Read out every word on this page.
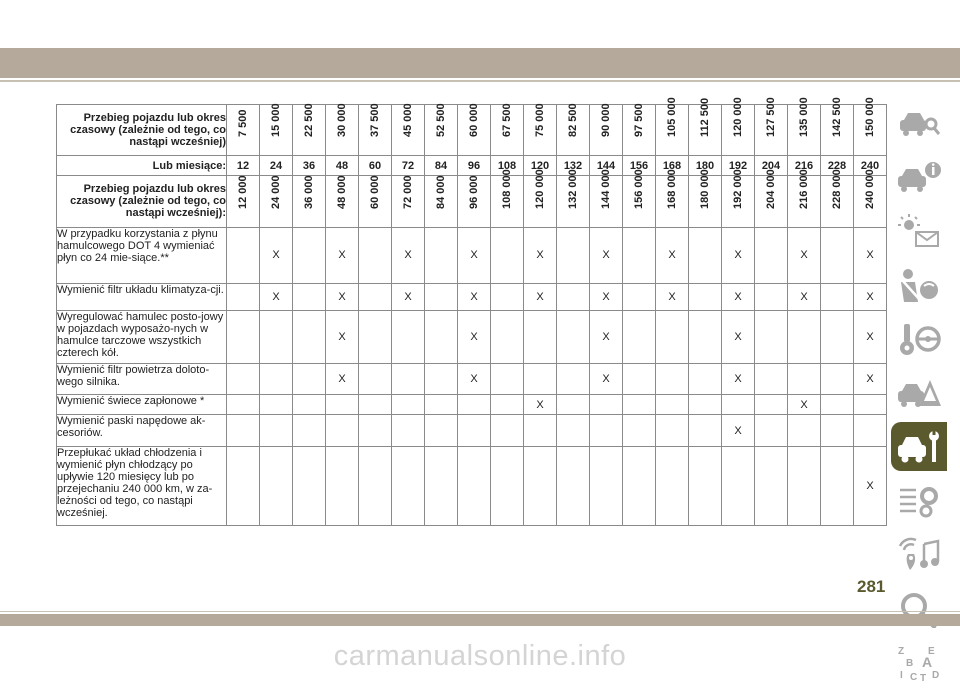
Przebieg pojazdu lub okres czasowy (zależnie od tego, co nastąpi wcześniej)	7 500	15 000	22 500	30 000	37 500	45 000	52 500	60 000	67 500	75 000	82 500	90 000	97 500	105 000	112 500	120 000	127 500	135 000	142 500	150 000

Lub miesiące:	12	24	36	48	60	72	84	96	108	120	132	144	156	168	180	192	204	216	228	240
Przebieg pojazdu lub okres czasowy (zależnie od tego, co nastąpi wcześniej):	12 000	24 000	36 000	48 000	60 000	72 000	84 000	96 000	108 000	120 000	132 000	144 000	156 000	168 000	180 000	192 000	204 000	216 000	228 000	240 000

W przypadku korzystania z płynu hamulcowego DOT 4 wymieniać płyn co 24 mie-siące.**		X		X		X		X		X		X		X		X		X		X
Wymienić filtr układu klimatyza-cji.		X		X		X		X		X		X		X		X		X		X
Wyregulować hamulec posto-jowy w pojazdach wyposażo-nych w hamulce tarczowe wszystkich czterech kół.				X				X				X				X				X
Wymienić filtr powietrza doloto-wego silnika.				X				X				X				X				X
Wymienić świece zapłonowe *										X								X		
Wymienić paski napędowe ak-cesoriów.																X				
Przepłukać układ chłodzenia i wymienić płyn chłodzący po upływie 120 miesięcy lub po przejechaniu 240 000 km, w za-leżności od tego, co nastąpi wcześniej.																				X
Z E
B A
I C T D
281
carmanualsonline.info
